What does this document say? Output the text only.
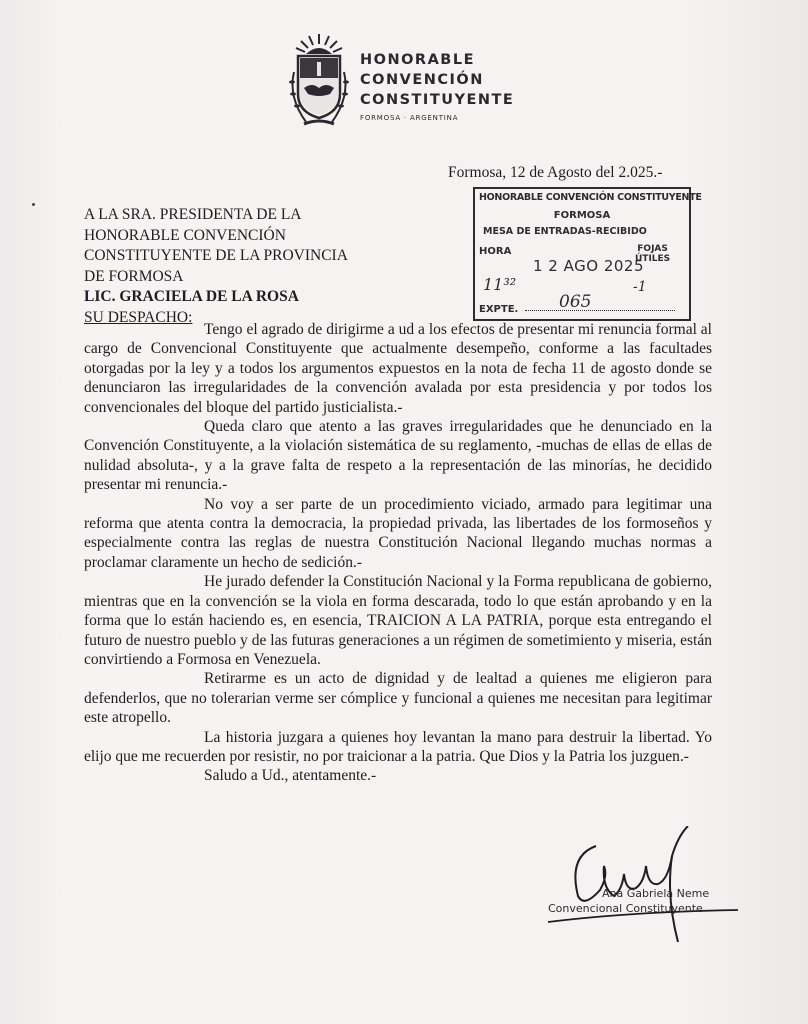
HONORABLE
CONVENCIÓN
CONSTITUYENTE
FORMOSA · ARGENTINA
Formosa, 12 de Agosto del 2.025.-
A LA SRA. PRESIDENTA DE LA
HONORABLE CONVENCIÓN
CONSTITUYENTE DE LA PROVINCIA
DE FORMOSA
LIC. GRACIELA DE LA ROSA
SU DESPACHO:
HONORABLE CONVENCIÓN CONSTITUYENTE
FORMOSA
MESA DE ENTRADAS-RECIBIDO
HORA
1 2 AGO 2025
FOJAS
ÚTILES
11³²	-1
EXPTE. 065

Tengo el agrado de dirigirme a ud a los efectos de presentar mi renuncia formal al cargo de Convencional Constituyente que actualmente desempeño, conforme a las facultades otorgadas por la ley y a todos los argumentos expuestos en la nota de fecha 11 de agosto donde se denunciaron las irregularidades de la convención avalada por esta presidencia y por todos los convencionales del bloque del partido justicialista.-

Queda claro que atento a las graves irregularidades que he denunciado en la Convención Constituyente, a la violación sistemática de su reglamento, -muchas de ellas de ellas de nulidad absoluta-, y a la grave falta de respeto a la representación de las minorías, he decidido presentar mi renuncia.-

No voy a ser parte de un procedimiento viciado, armado para legitimar una reforma que atenta contra la democracia, la propiedad privada, las libertades de los formoseños y especialmente contra las reglas de nuestra Constitución Nacional llegando muchas normas a proclamar claramente un hecho de sedición.-

He jurado defender la Constitución Nacional y la Forma republicana de gobierno, mientras que en la convención se la viola en forma descarada, todo lo que están aprobando y en la forma que lo están haciendo es, en esencia, TRAICION A LA PATRIA, porque esta entregando el futuro de nuestro pueblo y de las futuras generaciones a un régimen de sometimiento y miseria, están convirtiendo a Formosa en Venezuela.

Retirarme es un acto de dignidad y de lealtad a quienes me eligieron para defenderlos, que no tolerarian verme ser cómplice y funcional a quienes me necesitan para legitimar este atropello.

La historia juzgara a quienes hoy levantan la mano para destruir la libertad. Yo elijo que me recuerden por resistir, no por traicionar a la patria. Que Dios y la Patria los juzguen.-

Saludo a Ud., atentamente.-

Ana Gabriela Neme
Convencional Constituyente
